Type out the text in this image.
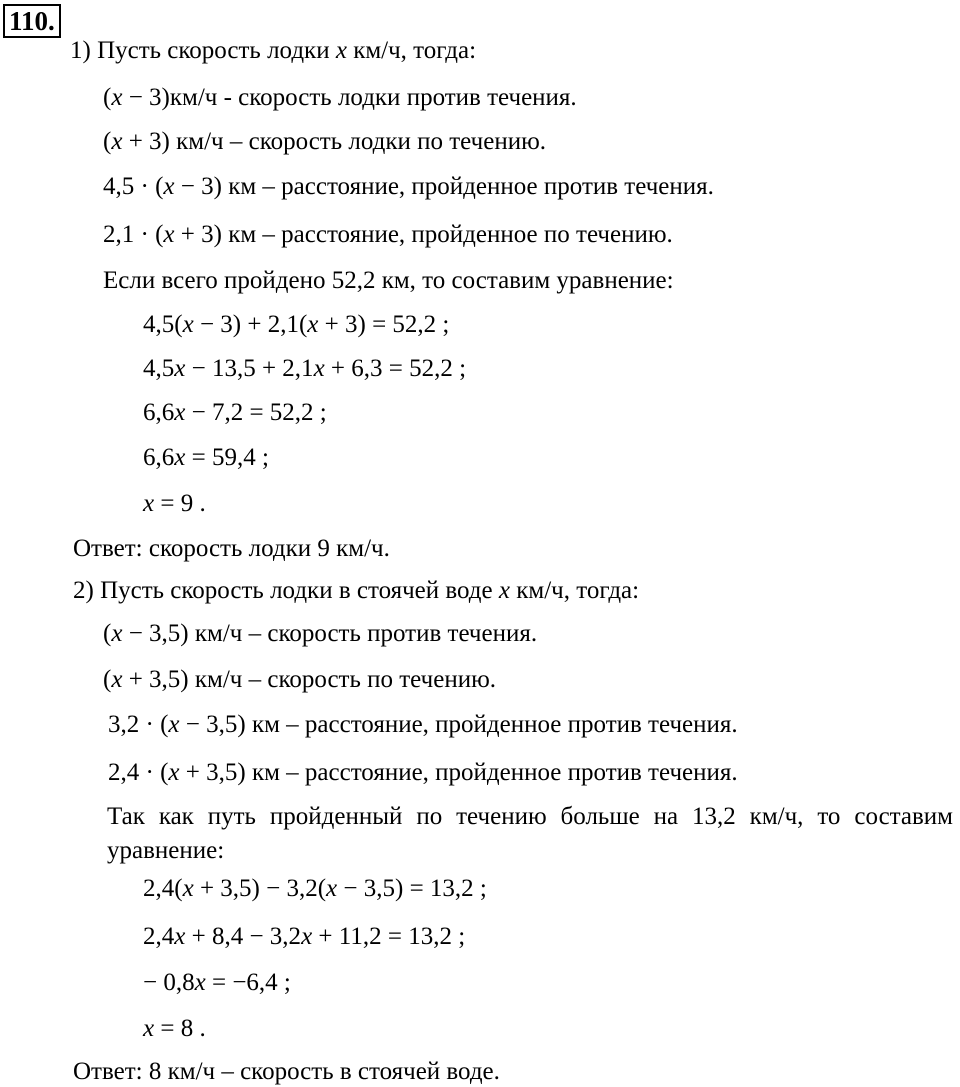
110.
1) Пусть скорость лодки x км/ч, тогда:
(x − 3)км/ч - скорость лодки против течения.
(x + 3) км/ч – скорость лодки по течению.
4,5 · (x − 3) км – расстояние, пройденное против течения.
2,1 · (x + 3) км – расстояние, пройденное по течению.
Если всего пройдено 52,2 км, то составим уравнение:
4,5(x − 3) + 2,1(x + 3) = 52,2 ;
4,5x − 13,5 + 2,1x + 6,3 = 52,2 ;
6,6x − 7,2 = 52,2 ;
6,6x = 59,4 ;
x = 9 .
Ответ: скорость лодки 9 км/ч.
2) Пусть скорость лодки в стоячей воде x км/ч, тогда:
(x − 3,5) км/ч – скорость против течения.
(x + 3,5) км/ч – скорость по течению.
3,2 · (x − 3,5) км – расстояние, пройденное против течения.
2,4 · (x + 3,5) км – расстояние, пройденное против течения.
Так как путь пройденный по течению больше на 13,2 км/ч, то составим
уравнение:
2,4(x + 3,5) − 3,2(x − 3,5) = 13,2 ;
2,4x + 8,4 − 3,2x + 11,2 = 13,2 ;
− 0,8x = −6,4 ;
x = 8 .
Ответ: 8 км/ч – скорость в стоячей воде.
